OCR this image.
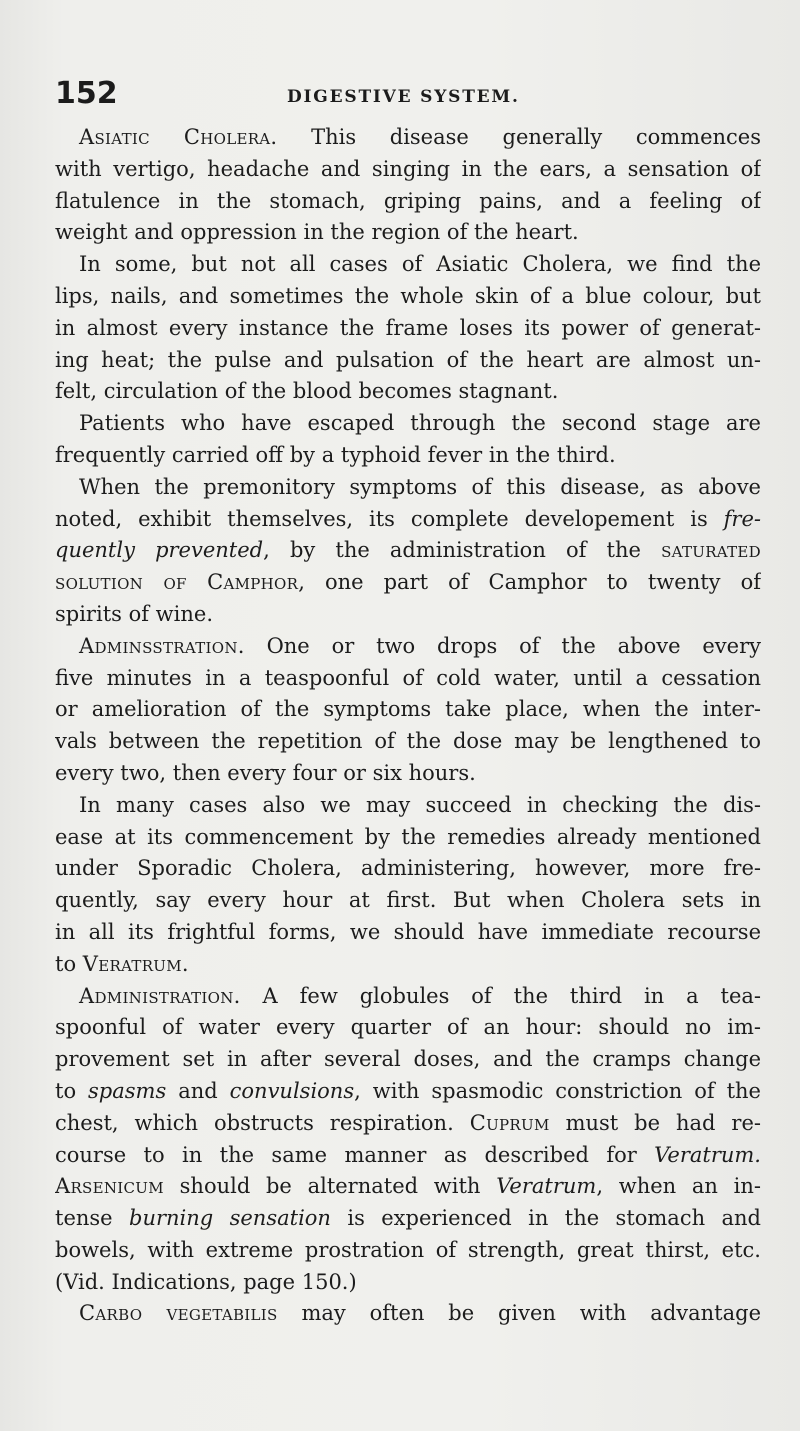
152	DIGESTIVE SYSTEM.
Asiatic Cholera. This disease generally commences
with vertigo, headache and singing in the ears, a sensation of
flatulence in the stomach, griping pains, and a feeling of
weight and oppression in the region of the heart.
In some, but not all cases of Asiatic Cholera, we find the
lips, nails, and sometimes the whole skin of a blue colour, but
in almost every instance the frame loses its power of generat-
ing heat; the pulse and pulsation of the heart are almost un-
felt, circulation of the blood becomes stagnant.
Patients who have escaped through the second stage are
frequently carried off by a typhoid fever in the third.
When the premonitory symptoms of this disease, as above
noted, exhibit themselves, its complete developement is fre-
quently prevented, by the administration of the saturated
solution of Camphor, one part of Camphor to twenty of
spirits of wine.
Adminſstration. One or two drops of the above every
five minutes in a teaspoonful of cold water, until a cessation
or amelioration of the symptoms take place, when the inter-
vals between the repetition of the dose may be lengthened to
every two, then every four or six hours.
In many cases also we may succeed in checking the dis-
ease at its commencement by the remedies already mentioned
under Sporadic Cholera, administering, however, more fre-
quently, say every hour at first. But when Cholera sets in
in all its frightful forms, we should have immediate recourse
to Veratrum.
Administration. A few globules of the third in a tea-
spoonful of water every quarter of an hour: should no im-
provement set in after several doses, and the cramps change
to spasms and convulsions, with spasmodic constriction of the
chest, which obstructs respiration. Cuprum must be had re-
course to in the same manner as described for Veratrum.
Arsenicum should be alternated with Veratrum, when an in-
tense burning sensation is experienced in the stomach and
bowels, with extreme prostration of strength, great thirst, etc.
(Vid. Indications, page 150.)
Carbo vegetabilis may often be given with advantage
